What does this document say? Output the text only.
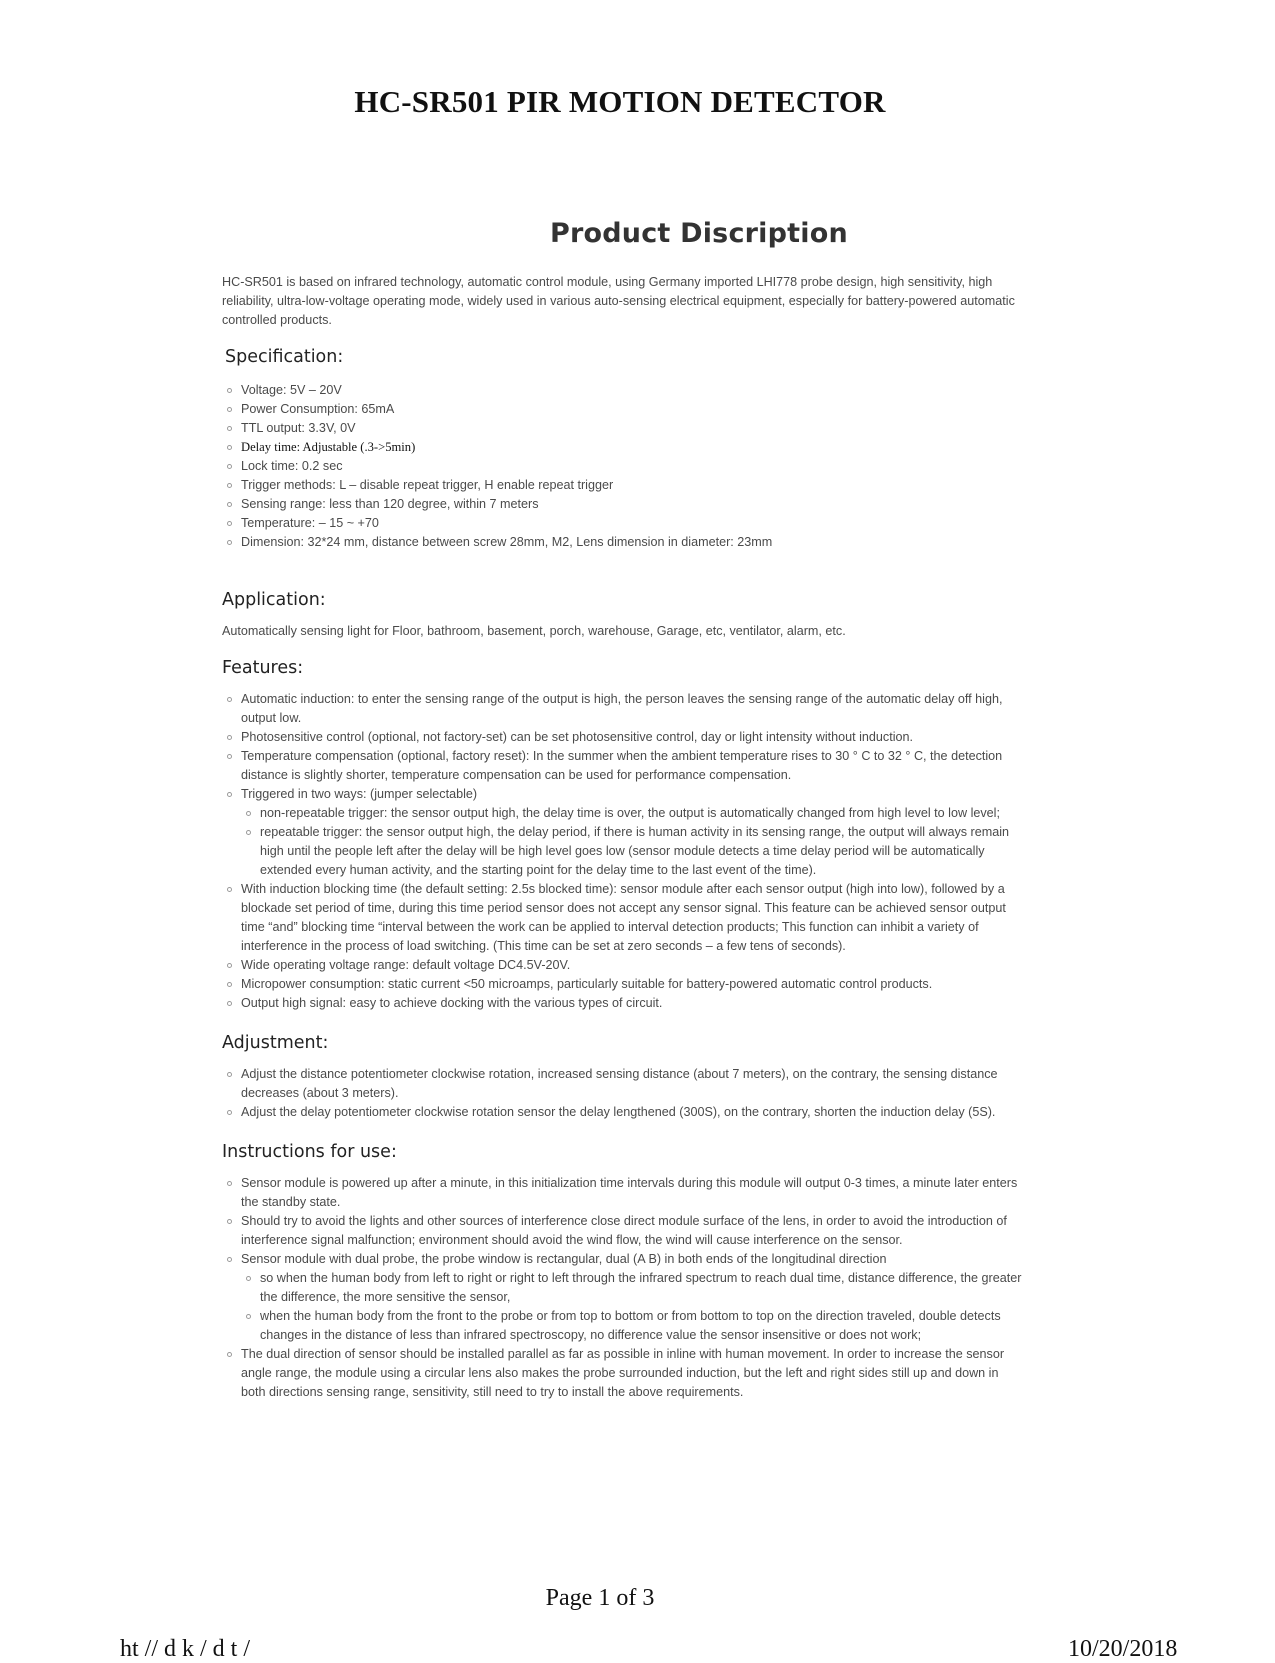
HC-SR501 PIR MOTION DETECTOR
Product Discription

HC-SR501 is based on infrared technology, automatic control module, using Germany imported LHI778 probe design, high sensitivity, high reliability, ultra-low-voltage operating mode, widely used in various auto-sensing electrical equipment, especially for battery-powered automatic controlled products.

Specification:
Voltage: 5V – 20V
Power Consumption: 65mA
TTL output: 3.3V, 0V
Delay time: Adjustable (.3->5min)
Lock time: 0.2 sec
Trigger methods: L – disable repeat trigger, H enable repeat trigger
Sensing range: less than 120 degree, within 7 meters
Temperature: – 15 ~ +70
Dimension: 32*24 mm, distance between screw 28mm, M2, Lens dimension in diameter: 23mm
Application:

Automatically sensing light for Floor, bathroom, basement, porch, warehouse, Garage, etc, ventilator, alarm, etc.

Features:
Automatic induction: to enter the sensing range of the output is high, the person leaves the sensing range of the automatic delay off high, output low.
Photosensitive control (optional, not factory-set) can be set photosensitive control, day or light intensity without induction.
Temperature compensation (optional, factory reset): In the summer when the ambient temperature rises to 30 ° C to 32 ° C, the detection distance is slightly shorter, temperature compensation can be used for performance compensation.
Triggered in two ways: (jumper selectable)
non-repeatable trigger: the sensor output high, the delay time is over, the output is automatically changed from high level to low level;
repeatable trigger: the sensor output high, the delay period, if there is human activity in its sensing range, the output will always remain high until the people left after the delay will be high level goes low (sensor module detects a time delay period will be automatically extended every human activity, and the starting point for the delay time to the last event of the time).
With induction blocking time (the default setting: 2.5s blocked time): sensor module after each sensor output (high into low), followed by a blockade set period of time, during this time period sensor does not accept any sensor signal. This feature can be achieved sensor output time “and” blocking time “interval between the work can be applied to interval detection products; This function can inhibit a variety of interference in the process of load switching. (This time can be set at zero seconds – a few tens of seconds).
Wide operating voltage range: default voltage DC4.5V-20V.
Micropower consumption: static current <50 microamps, particularly suitable for battery-powered automatic control products.
Output high signal: easy to achieve docking with the various types of circuit.
Adjustment:
Adjust the distance potentiometer clockwise rotation, increased sensing distance (about 7 meters), on the contrary, the sensing distance decreases (about 3 meters).
Adjust the delay potentiometer clockwise rotation sensor the delay lengthened (300S), on the contrary, shorten the induction delay (5S).
Instructions for use:
Sensor module is powered up after a minute, in this initialization time intervals during this module will output 0-3 times, a minute later enters the standby state.
Should try to avoid the lights and other sources of interference close direct module surface of the lens, in order to avoid the introduction of interference signal malfunction; environment should avoid the wind flow, the wind will cause interference on the sensor.
Sensor module with dual probe, the probe window is rectangular, dual (A B) in both ends of the longitudinal direction
so when the human body from left to right or right to left through the infrared spectrum to reach dual time, distance difference, the greater the difference, the more sensitive the sensor,
when the human body from the front to the probe or from top to bottom or from bottom to top on the direction traveled, double detects changes in the distance of less than infrared spectroscopy, no difference value the sensor insensitive or does not work;
The dual direction of sensor should be installed parallel as far as possible in inline with human movement. In order to increase the sensor angle range, the module using a circular lens also makes the probe surrounded induction, but the left and right sides still up and down in both directions sensing range, sensitivity, still need to try to install the above requirements.
Page 1 of 3
ht // d k / d t /	10/20/2018
